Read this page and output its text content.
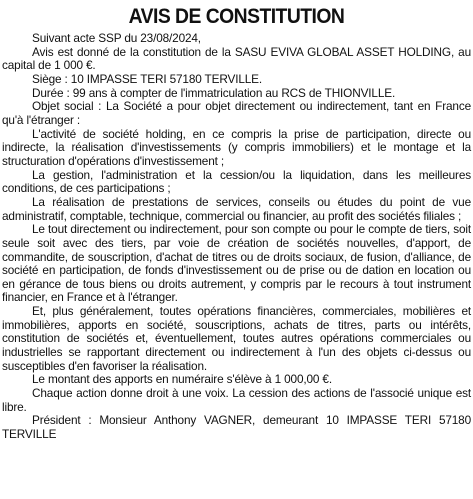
AVIS DE CONSTITUTION

Suivant acte SSP du 23/08/2024,

Avis est donné de la constitution de la SASU EVIVA GLOBAL ASSET HOLDING, au capital de 1 000 €.

Siège : 10 IMPASSE TERI 57180 TERVILLE.

Durée : 99 ans à compter de l'immatriculation au RCS de THIONVILLE.

Objet social : La Société a pour objet directement ou indirectement, tant en France qu'à l'étranger :

L'activité de société holding, en ce compris la prise de participation, directe ou indirecte, la réalisation d'investissements (y compris immobiliers) et le montage et la structuration d'opérations d'investissement ;

La gestion, l'administration et la cession/ou la liquidation, dans les meilleures conditions, de ces participations ;

La réalisation de prestations de services, conseils ou études du point de vue administratif, comptable, technique, commercial ou financier, au profit des sociétés filiales ;

Le tout directement ou indirectement, pour son compte ou pour le compte de tiers, soit seule soit avec des tiers, par voie de création de sociétés nouvelles, d'apport, de commandite, de souscription, d'achat de titres ou de droits sociaux, de fusion, d'alliance, de société en participation, de fonds d'investissement ou de prise ou de dation en location ou en gérance de tous biens ou droits autrement, y compris par le recours à tout instrument financier, en France et à l'étranger.

Et, plus généralement, toutes opérations financières, commerciales, mobilières et immobilières, apports en société, souscriptions, achats de titres, parts ou intérêts, constitution de sociétés et, éventuellement, toutes autres opérations commerciales ou industrielles se rapportant directement ou indirectement à l'un des objets ci-dessus ou susceptibles d'en favoriser la réalisation.

Le montant des apports en numéraire s'élève à 1 000,00 €.

Chaque action donne droit à une voix. La cession des actions de l'associé unique est libre.

Président : Monsieur Anthony VAGNER, demeurant 10 IMPASSE TERI 57180 TERVILLE
